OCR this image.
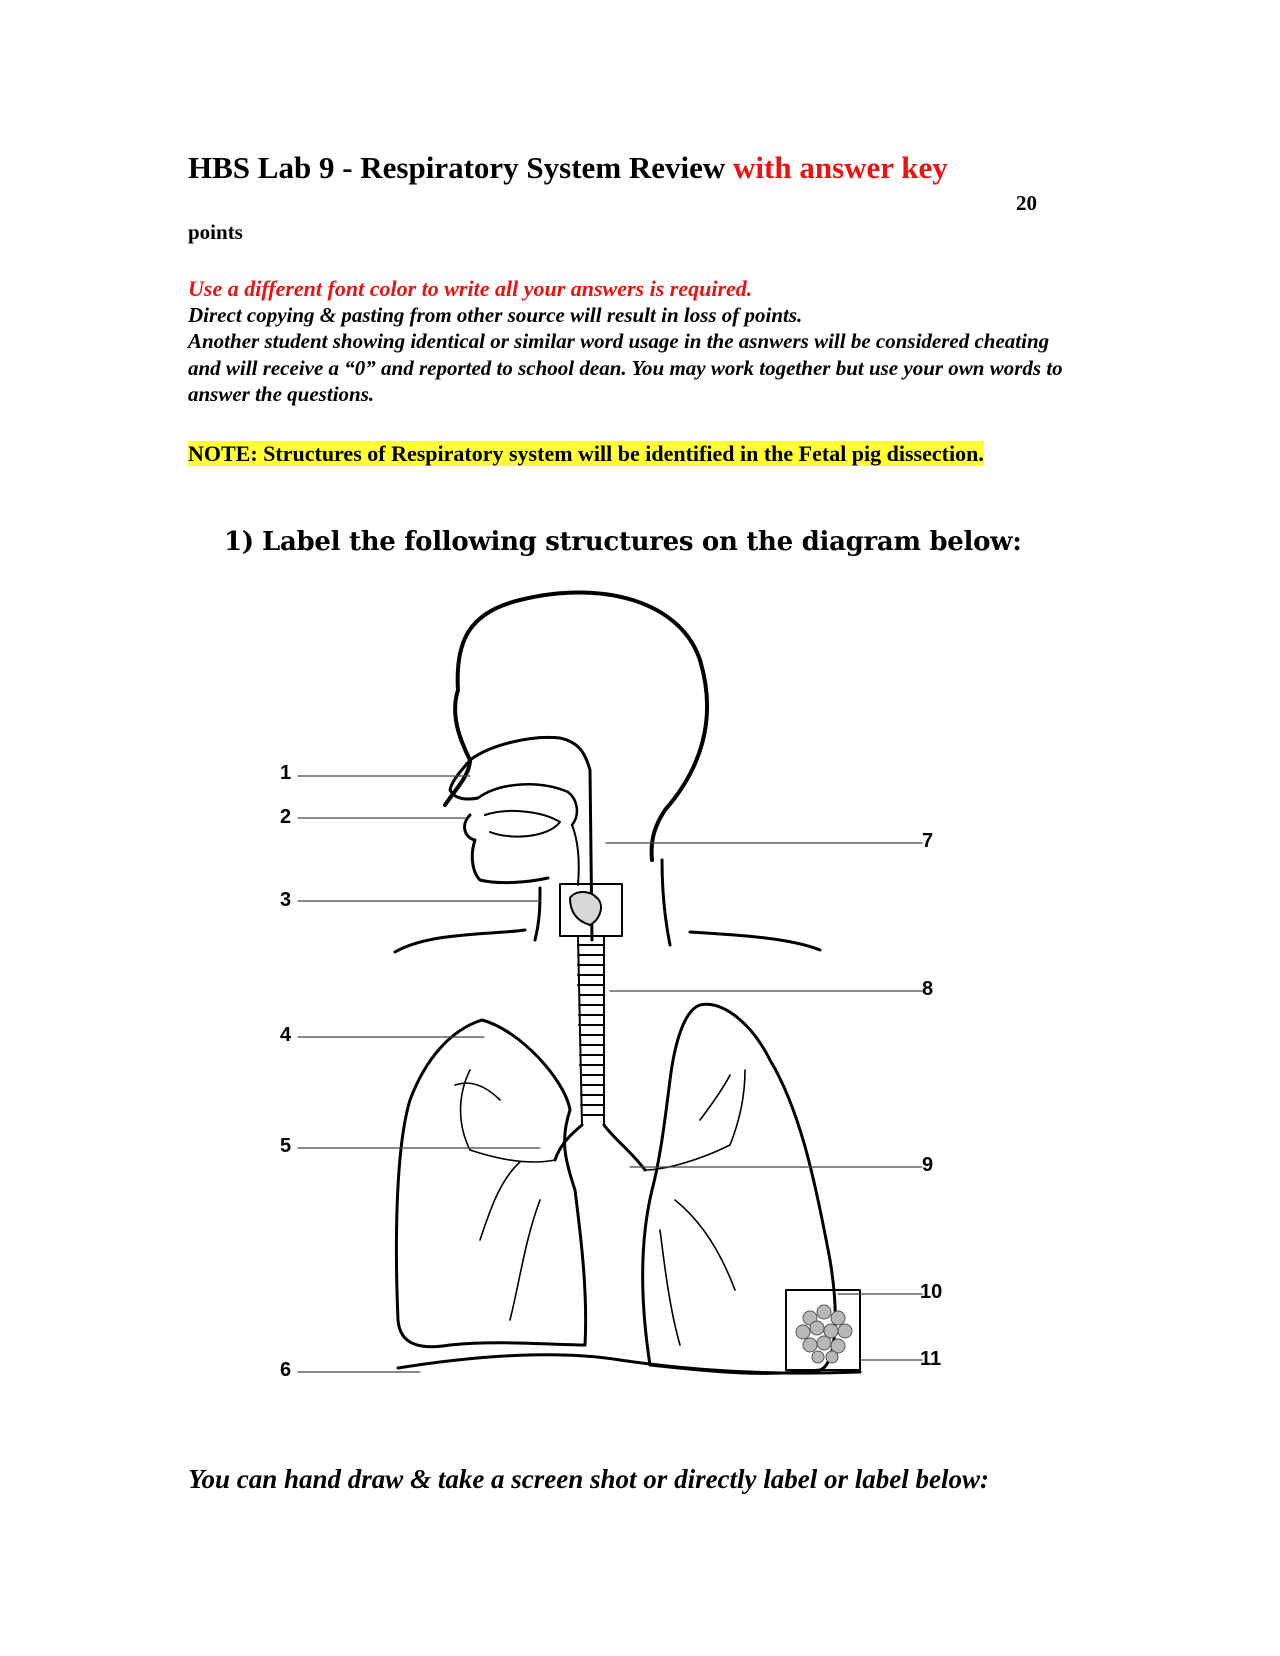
HBS Lab 9 - Respiratory System Review with answer key
20
points
Use a different font color to write all your answers is required.
Direct copying & pasting from other source will result in loss of points.
Another student showing identical or similar word usage in the asnwers will be considered cheating and will receive a “0” and reported to school dean. You may work together but use your own words to answer the questions.
NOTE: Structures of Respiratory system will be identified in the Fetal pig dissection.
1) Label the following structures on the diagram below:
1
2
3
4
5
6
7
8
9
10
11
You can hand draw & take a screen shot or directly label or label below:
